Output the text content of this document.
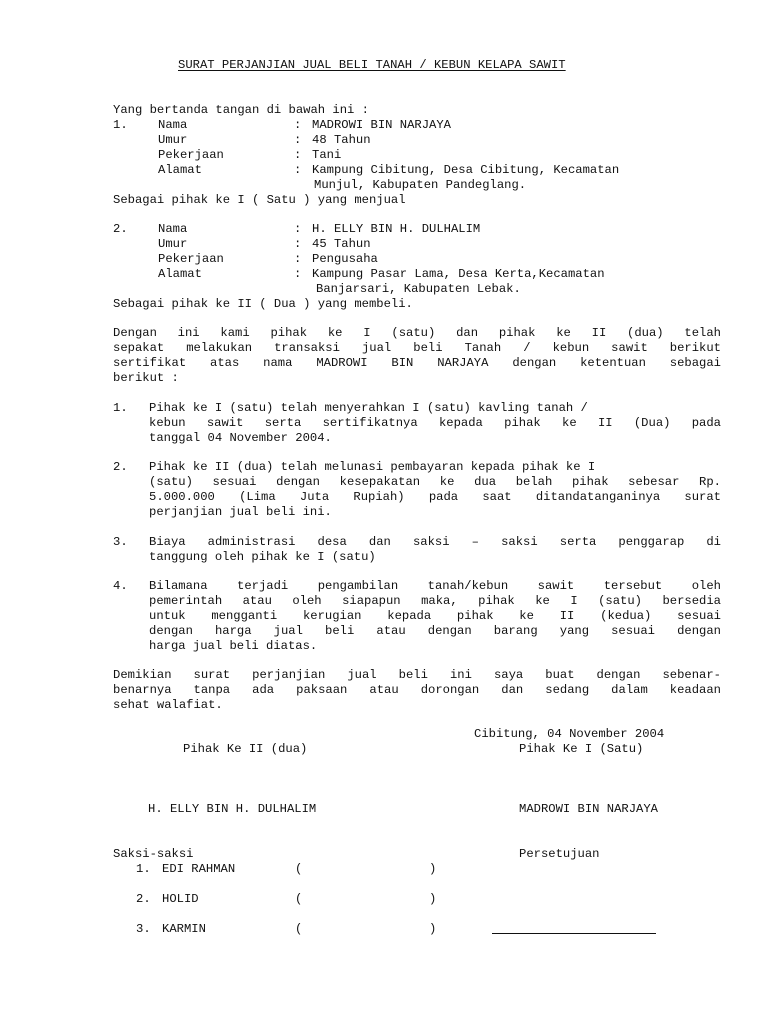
SURAT PERJANJIAN JUAL BELI TANAH / KEBUN KELAPA SAWIT
Yang bertanda tangan di bawah ini :
1. Nama	: MADROWI BIN NARJAYA
Umur	: 48 Tahun
Pekerjaan	: Tani
Alamat	: Kampung Cibitung, Desa Cibitung, Kecamatan
Munjul, Kabupaten Pandeglang.
Sebagai pihak ke I ( Satu ) yang menjual
2. Nama	: H. ELLY BIN H. DULHALIM
Umur	: 45 Tahun
Pekerjaan	: Pengusaha
Alamat	: Kampung Pasar Lama, Desa Kerta,Kecamatan
Banjarsari, Kabupaten Lebak.
Sebagai pihak ke II ( Dua ) yang membeli.
Dengan ini kami pihak ke I (satu) dan pihak ke II (dua) telah
sepakat melakukan transaksi jual beli Tanah / kebun sawit berikut
sertifikat atas nama MADROWI BIN NARJAYA dengan ketentuan sebagai
berikut :
1. Pihak ke I (satu) telah menyerahkan I (satu) kavling tanah /
kebun sawit serta sertifikatnya kepada pihak ke II (Dua) pada
tanggal 04 November 2004.
2. Pihak ke II (dua) telah melunasi pembayaran kepada pihak ke I
(satu) sesuai dengan kesepakatan ke dua belah pihak sebesar Rp.
5.000.000 (Lima Juta Rupiah) pada saat ditandatanganinya surat
perjanjian jual beli ini.
3. Biaya administrasi desa dan saksi – saksi serta penggarap di
tanggung oleh pihak ke I (satu)
4. Bilamana terjadi pengambilan tanah/kebun sawit tersebut oleh
pemerintah atau oleh siapapun maka, pihak ke I (satu) bersedia
untuk mengganti kerugian kepada pihak ke II (kedua) sesuai
dengan harga jual beli atau dengan barang yang sesuai dengan
harga jual beli diatas.
Demikian surat perjanjian jual beli ini saya buat dengan sebenar-
benarnya tanpa ada paksaan atau dorongan dan sedang dalam keadaan
sehat walafiat.
Cibitung, 04 November 2004
Pihak Ke II (dua)	Pihak Ke I (Satu)
H. ELLY BIN H. DULHALIM	MADROWI BIN NARJAYA
Saksi-saksi	Persetujuan
1. EDI RAHMAN	(	)
2. HOLID	(	)
3. KARMIN	(	)
